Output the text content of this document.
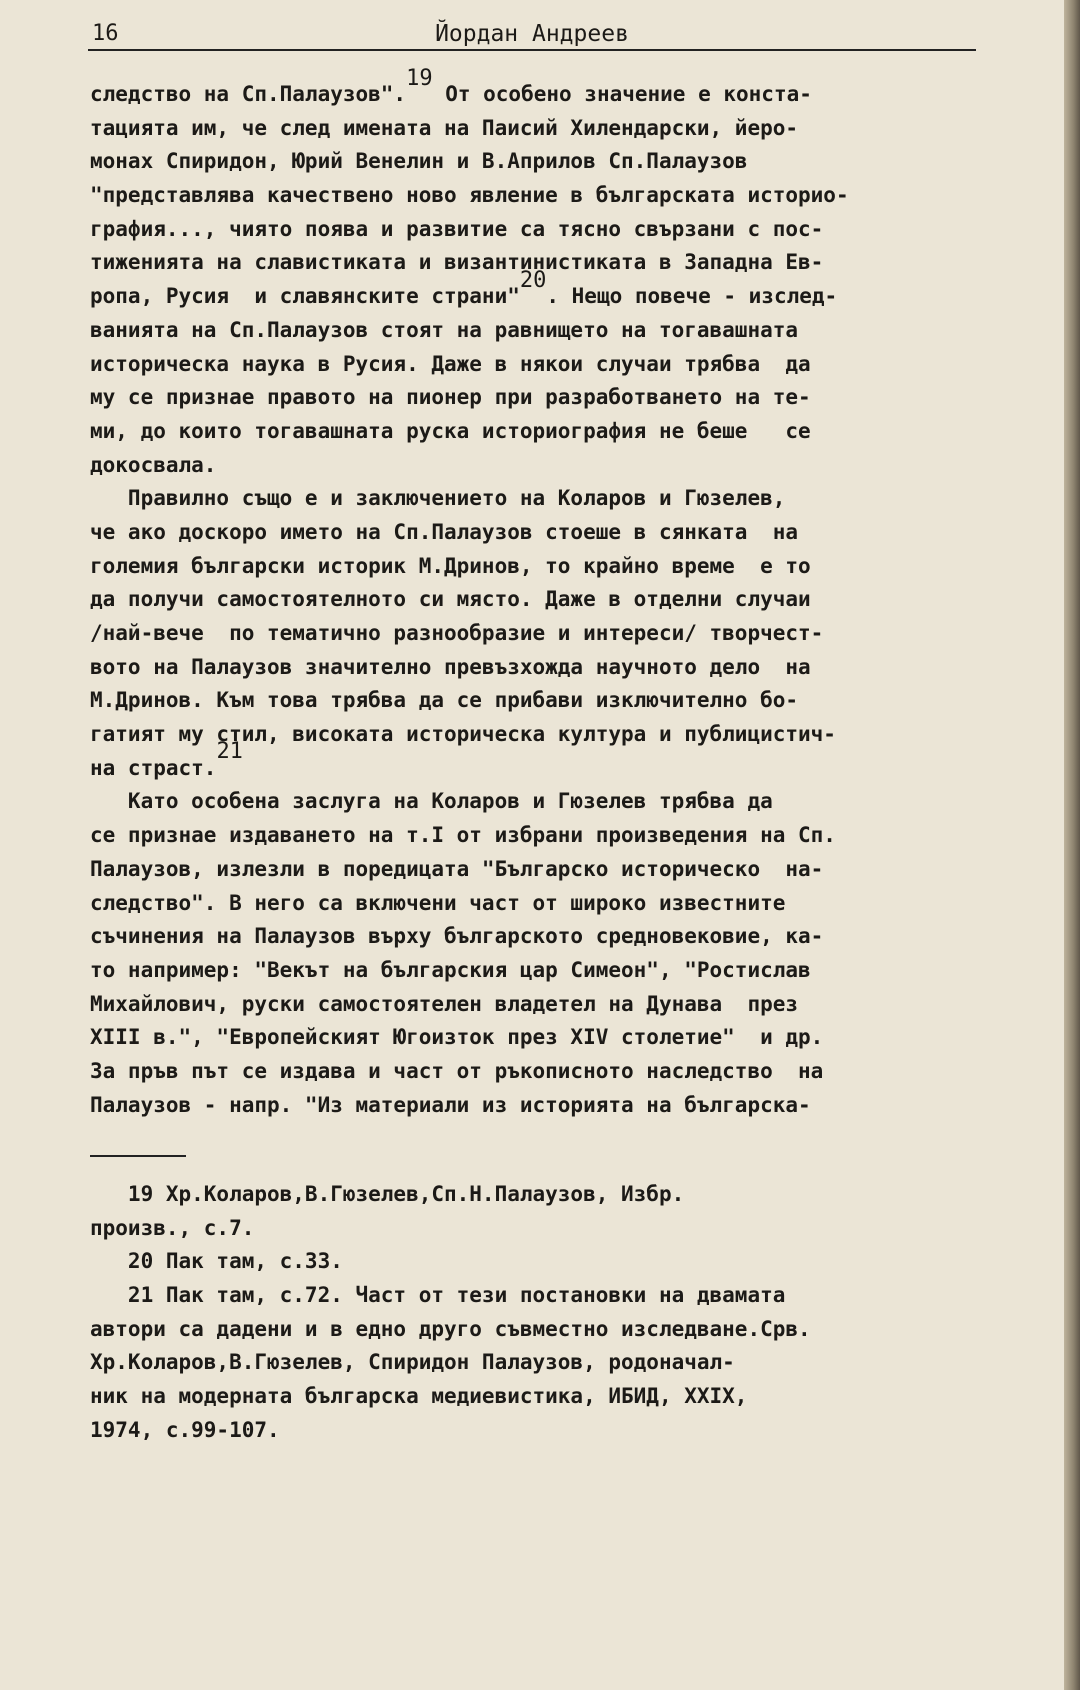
16	Йордан Андреев
следство на Сп.Палаузов".19 От особено значение е конста-
тацията им, че след имената на Паисий Хилендарски, йеро-
монах Спиридон, Юрий Венелин и В.Априлов Сп.Палаузов
"представлява качествено ново явление в българската историо-
графия..., чиято поява и развитие са тясно свързани с пос-
тиженията на славистиката и византинистиката в Западна Ев-
ропа, Русия  и славянските страни"20. Нещо повече - изслед-
ванията на Сп.Палаузов стоят на равнището на тогавашната
историческа наука в Русия. Даже в някои случаи трябва  да
му се признае правото на пионер при разработването на те-
ми, до които тогавашната руска историография не беше   се
докосвала.
Правилно също е и заключението на Коларов и Гюзелев,
че ако доскоро името на Сп.Палаузов стоеше в сянката  на
големия български историк М.Дринов, то крайно време  е то
да получи самостоятелното си място. Даже в отделни случаи
/най-вече  по тематично разнообразие и интереси/ творчест-
вото на Палаузов значително превъзхожда научното дело  на
М.Дринов. Към това трябва да се прибави изключително бо-
гатият му стил, високата историческа култура и публицистич-
на страст.21
Като особена заслуга на Коларов и Гюзелев трябва да
се признае издаването на т.I от избрани произведения на Сп.
Палаузов, излезли в поредицата "Българско историческо  на-
следство". В него са включени част от широко известните
съчинения на Палаузов върху българското средновековие, ка-
то например: "Векът на българския цар Симеон", "Ростислав
Михайлович, руски самостоятелен владетел на Дунава  през
XIII в.", "Европейският Югоизток през XIV столетие"  и др.
За пръв път се издава и част от ръкописното наследство  на
Палаузов - напр. "Из материали из историята на българска-
19 Хр.Коларов,В.Гюзелев,Сп.Н.Палаузов, Избр.
произв., с.7.
20 Пак там, с.33.
21 Пак там, с.72. Част от тези постановки на двамата
автори са дадени и в едно друго съвместно изследване.Срв.
Хр.Коларов,В.Гюзелев, Спиридон Палаузов, родоначал-
ник на модерната българска медиевистика, ИБИД, XXIX,
1974, с.99-107.
